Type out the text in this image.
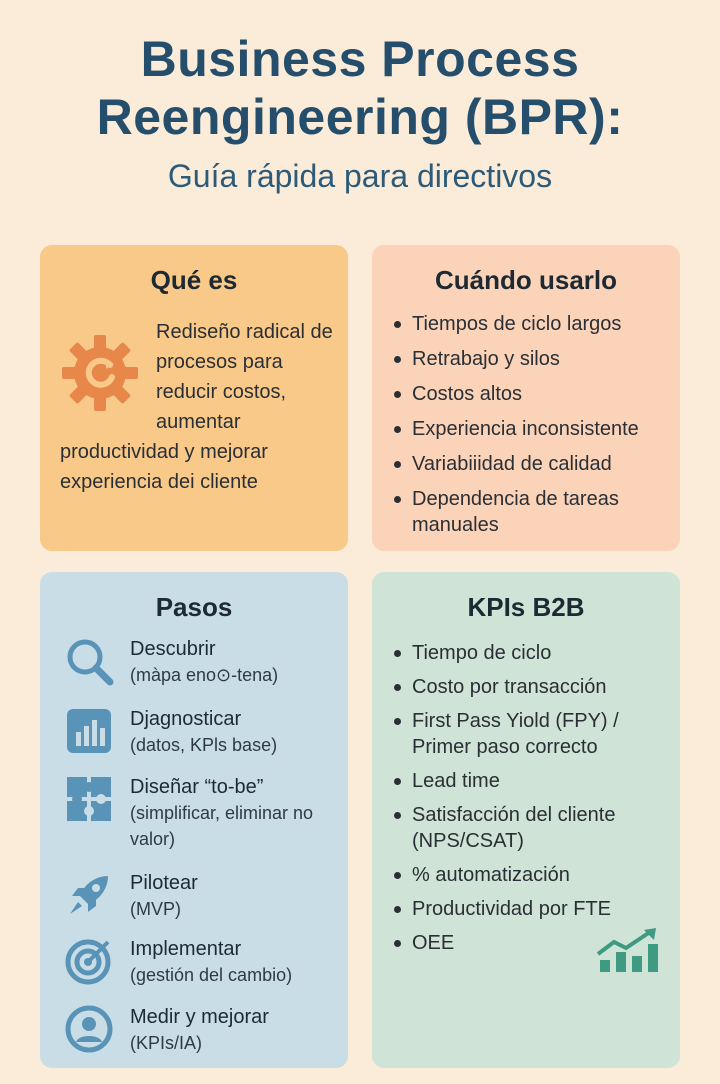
Business Process
Reengineering (BPR):
Guía rápida para directivos
Qué es
Rediseño radical de procesos para reducir costos, aumentar productividad y mejorar experiencia dei cliente
Cuándo usarlo
Tiempos de ciclo largos
Retrabajo y silos
Costos altos
Experiencia inconsistente
Variabiiidad de calidad
Dependencia de tareas manuales
Pasos
Descubrir
(màpa eno⊙-tena)
Djagnosticar
(datos, KPls base)
Diseñar “to-be”
(simplificar, eliminar no valor)
Pilotear
(MVP)
Implementar
(gestión del cambio)
Medir y mejorar
(KPIs/IA)
KPIs B2B
Tiempo de ciclo
Costo por transacción
First Pass Yiold (FPY) / Primer paso correcto
Lead time
Satisfacción del cliente (NPS/CSAT)
% automatización
Productividad por FTE
OEE
